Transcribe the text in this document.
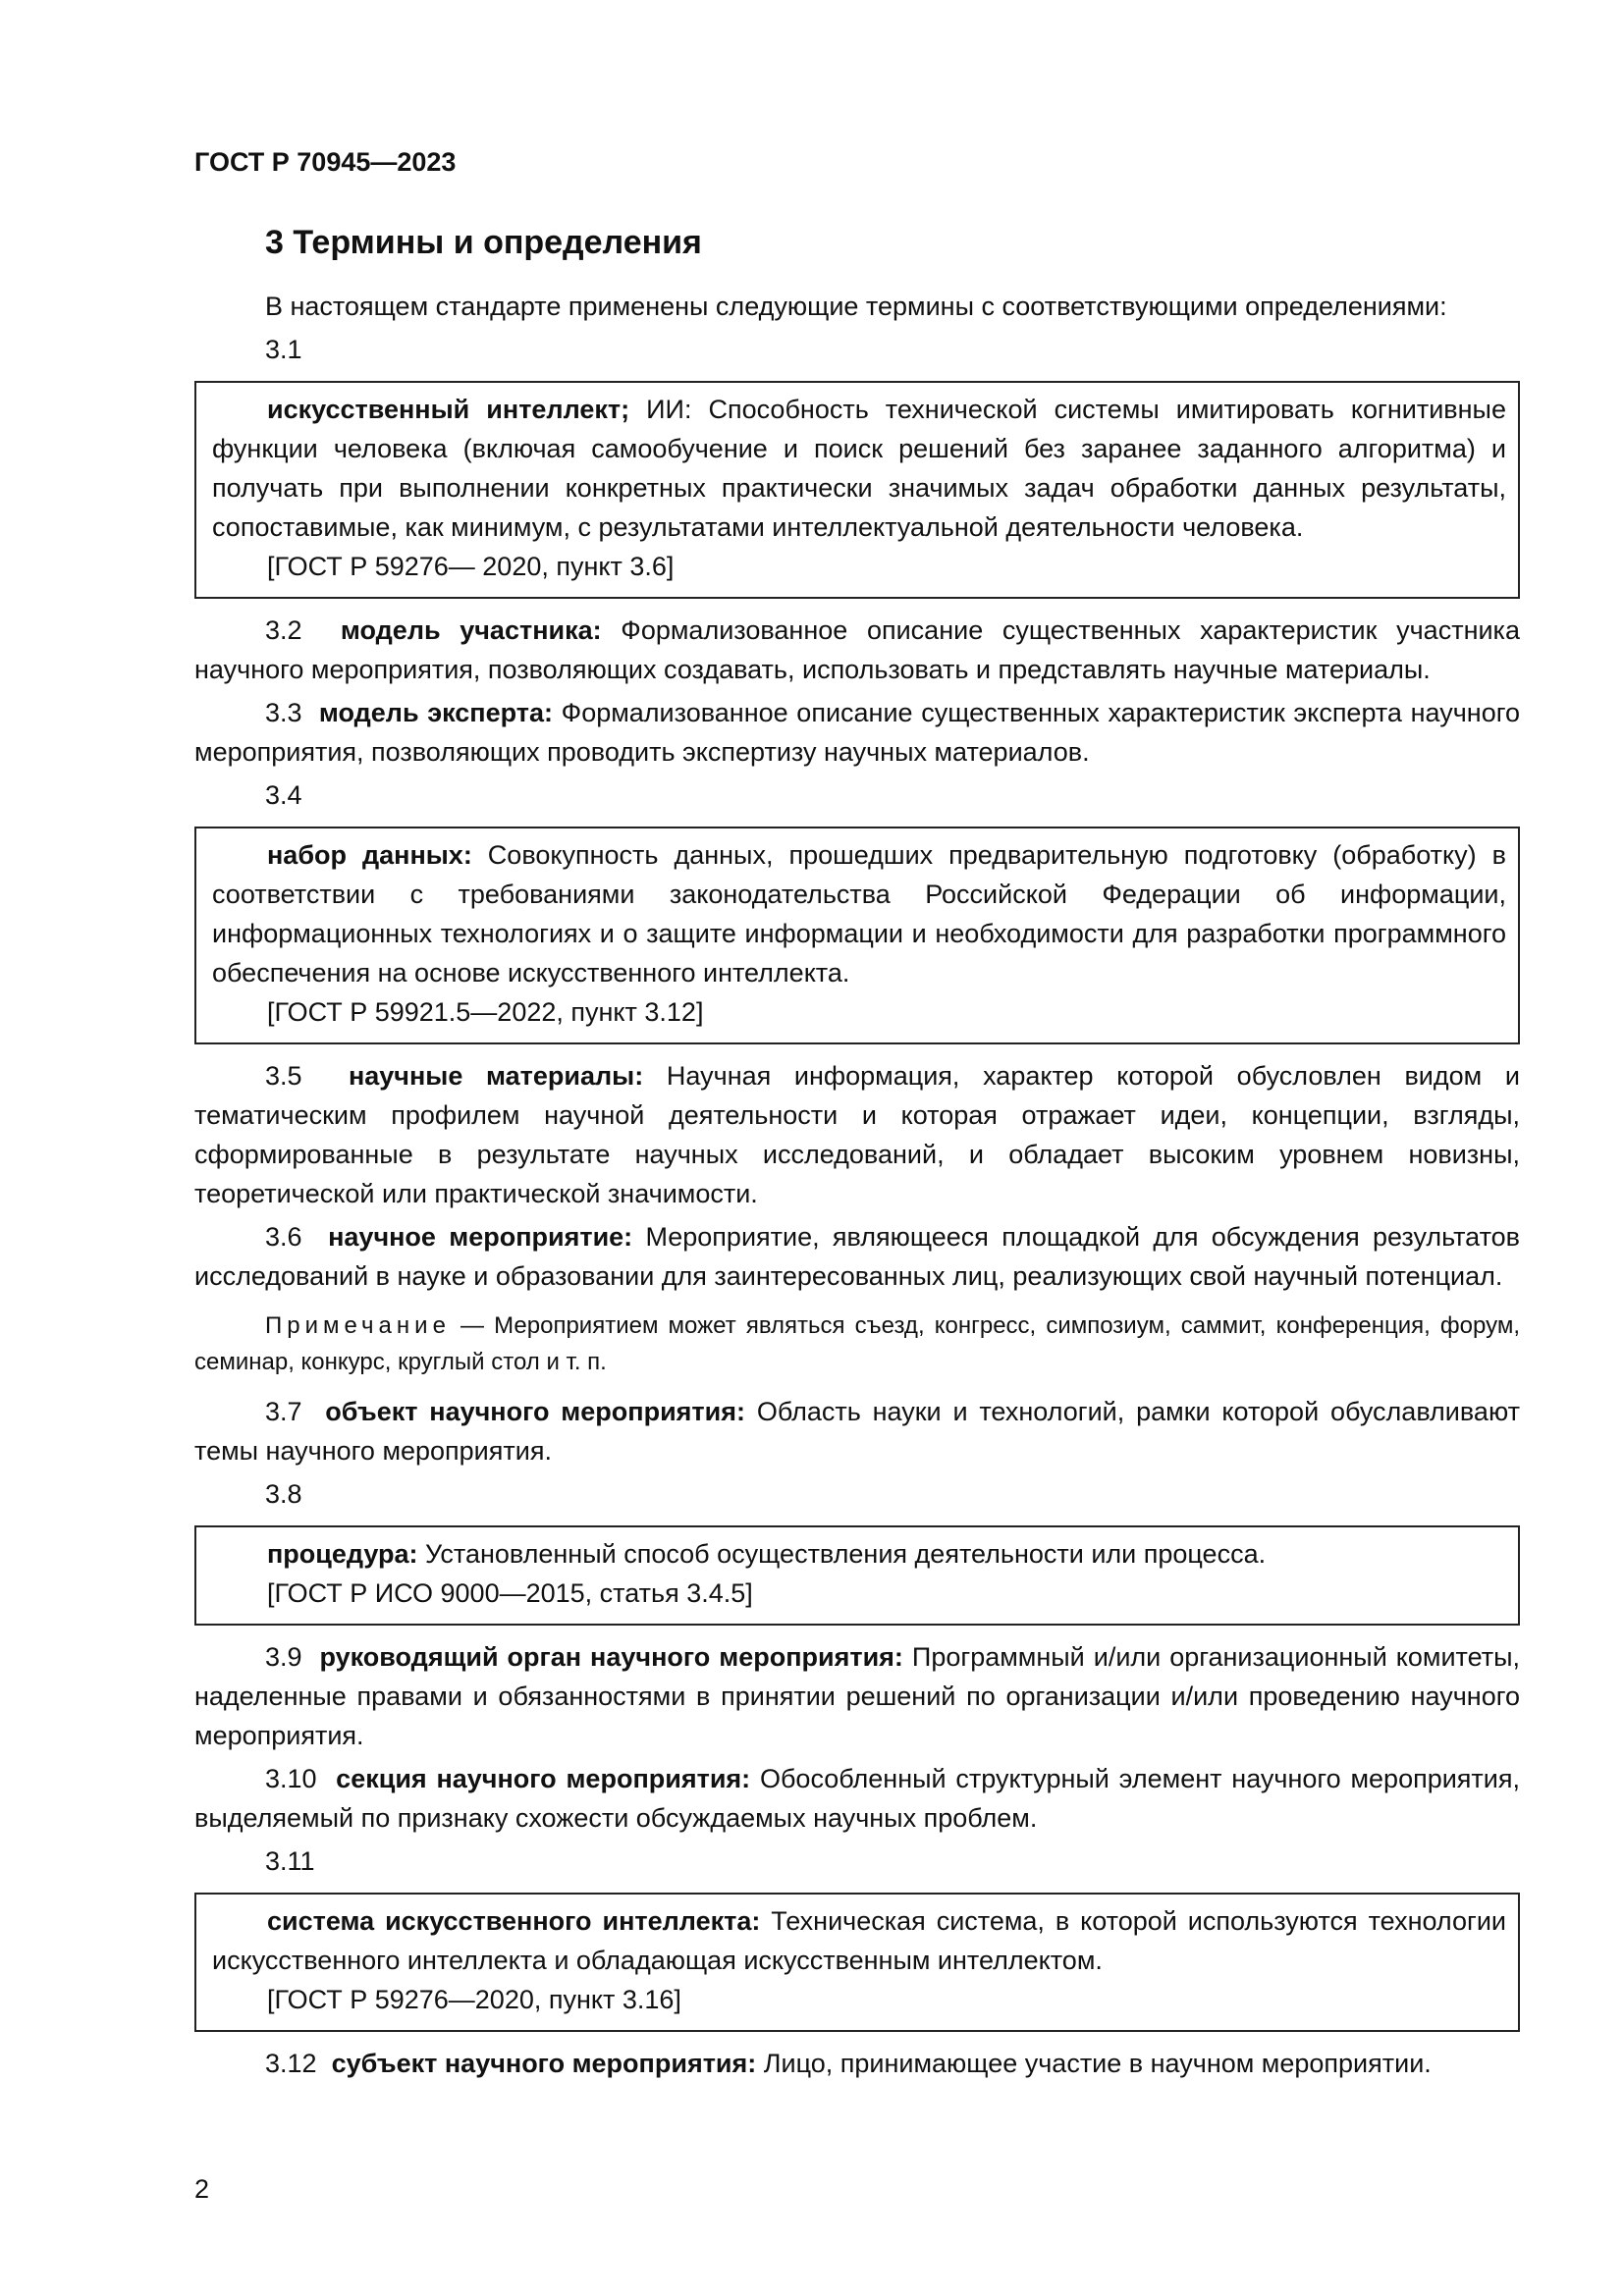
ГОСТ Р 70945—2023
3 Термины и определения

В настоящем стандарте применены следующие термины с соответствующими определениями:

3.1

искусственный интеллект; ИИ: Способность технической системы имитировать когнитивные функции человека (включая самообучение и поиск решений без заранее заданного алгоритма) и получать при выполнении конкретных практически значимых задач обработки данных результаты, сопоставимые, как минимум, с результатами интеллектуальной деятельности человека.

[ГОСТ Р 59276— 2020, пункт 3.6]

3.2 модель участника: Формализованное описание существенных характеристик участника научного мероприятия, позволяющих создавать, использовать и представлять научные материалы.

3.3 модель эксперта: Формализованное описание существенных характеристик эксперта научного мероприятия, позволяющих проводить экспертизу научных материалов.

3.4

набор данных: Совокупность данных, прошедших предварительную подготовку (обработку) в соответствии с требованиями законодательства Российской Федерации об информации, информационных технологиях и о защите информации и необходимости для разработки программного обеспечения на основе искусственного интеллекта.

[ГОСТ Р 59921.5—2022, пункт 3.12]

3.5 научные материалы: Научная информация, характер которой обусловлен видом и тематическим профилем научной деятельности и которая отражает идеи, концепции, взгляды, сформированные в результате научных исследований, и обладает высоким уровнем новизны, теоретической или практической значимости.

3.6 научное мероприятие: Мероприятие, являющееся площадкой для обсуждения результатов исследований в науке и образовании для заинтересованных лиц, реализующих свой научный потенциал.

Примечание — Мероприятием может являться съезд, конгресс, симпозиум, саммит, конференция, форум, семинар, конкурс, круглый стол и т. п.

3.7 объект научного мероприятия: Область науки и технологий, рамки которой обуславливают темы научного мероприятия.

3.8

процедура: Установленный способ осуществления деятельности или процесса.

[ГОСТ Р ИСО 9000—2015, статья 3.4.5]

3.9 руководящий орган научного мероприятия: Программный и/или организационный комитеты, наделенные правами и обязанностями в принятии решений по организации и/или проведению научного мероприятия.

3.10 секция научного мероприятия: Обособленный структурный элемент научного мероприятия, выделяемый по признаку схожести обсуждаемых научных проблем.

3.11

система искусственного интеллекта: Техническая система, в которой используются технологии искусственного интеллекта и обладающая искусственным интеллектом.

[ГОСТ Р 59276—2020, пункт 3.16]

3.12 субъект научного мероприятия: Лицо, принимающее участие в научном мероприятии.

2
